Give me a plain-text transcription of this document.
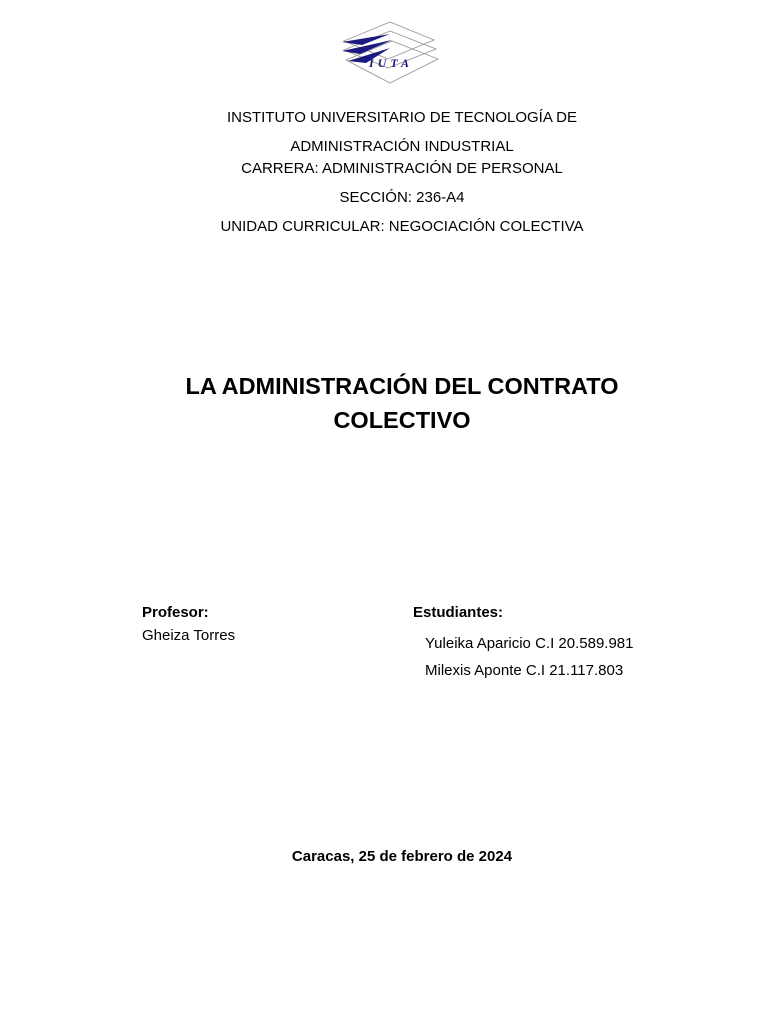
IUTA
INSTITUTO UNIVERSITARIO DE TECNOLOGÍA DE
ADMINISTRACIÓN INDUSTRIAL
CARRERA: ADMINISTRACIÓN DE PERSONAL
SECCIÓN: 236-A4
UNIDAD CURRICULAR: NEGOCIACIÓN COLECTIVA
LA ADMINISTRACIÓN DEL CONTRATO
COLECTIVO
Profesor:
Gheiza Torres
Estudiantes:
Yuleika Aparicio C.I 20.589.981
Milexis Aponte C.I 21.117.803
Caracas, 25 de febrero de 2024
